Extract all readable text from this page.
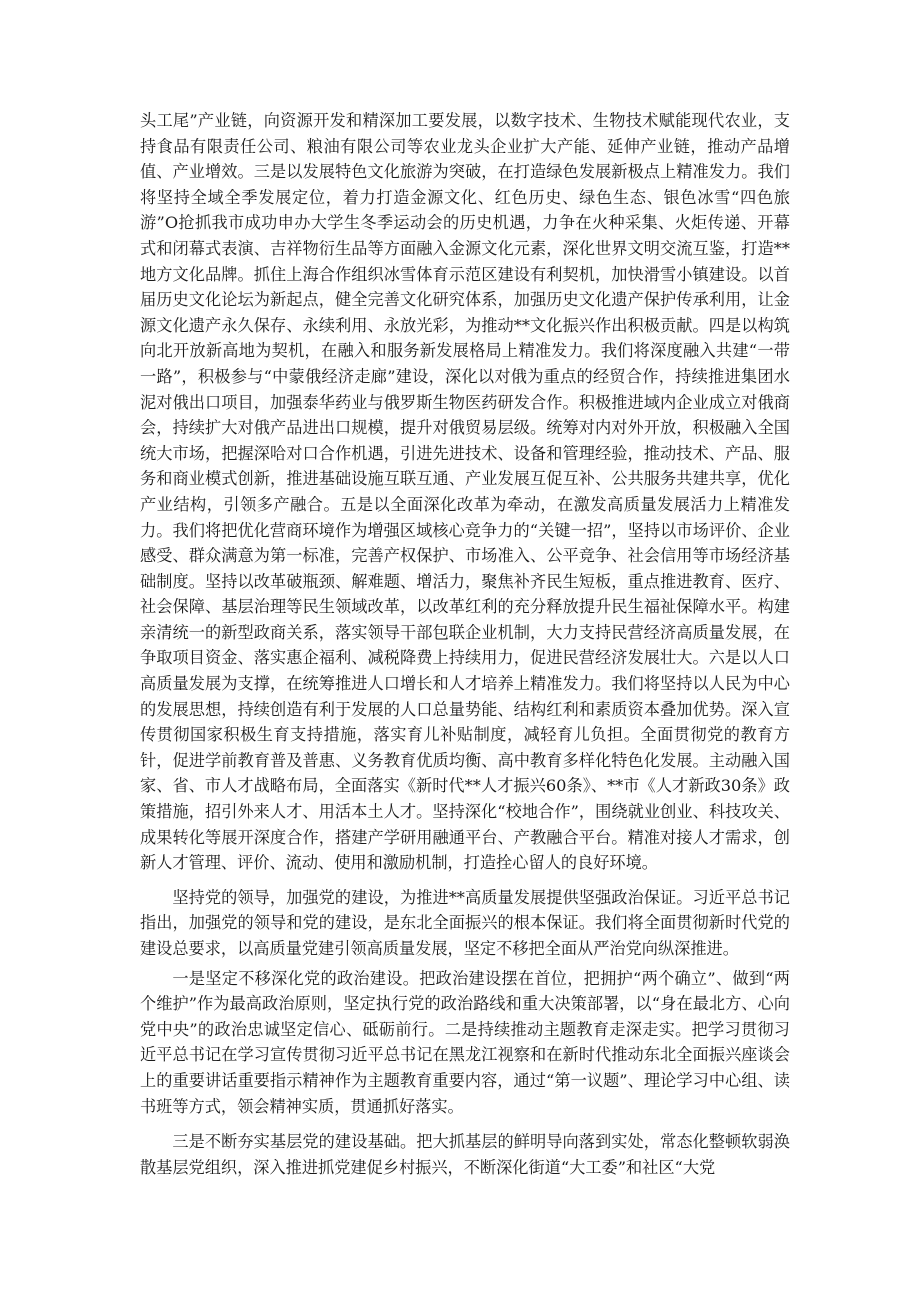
头工尾”产业链，向资源开发和精深加工要发展，以数字技术、生物技术赋能现代农业，支持食品有限责任公司、粮油有限公司等农业龙头企业扩大产能、延伸产业链，推动产品增值、产业增效。三是以发展特色文化旅游为突破，在打造绿色发展新极点上精准发力。我们将坚持全域全季发展定位，着力打造金源文化、红色历史、绿色生态、银色冰雪“四色旅游”O抢抓我市成功申办大学生冬季运动会的历史机遇，力争在火种采集、火炬传递、开幕式和闭幕式表演、吉祥物衍生品等方面融入金源文化元素，深化世界文明交流互鉴，打造**地方文化品牌。抓住上海合作组织冰雪体育示范区建设有利契机，加快滑雪小镇建设。以首届历史文化论坛为新起点，健全完善文化研究体系，加强历史文化遗产保护传承利用，让金源文化遗产永久保存、永续利用、永放光彩，为推动**文化振兴作出积极贡献。四是以构筑向北开放新高地为契机，在融入和服务新发展格局上精准发力。我们将深度融入共建“一带一路”，积极参与“中蒙俄经济走廊”建设，深化以对俄为重点的经贸合作，持续推进集团水泥对俄出口项目，加强泰华药业与俄罗斯生物医药研发合作。积极推进域内企业成立对俄商会，持续扩大对俄产品进出口规模，提升对俄贸易层级。统筹对内对外开放，积极融入全国统大市场，把握深哈对口合作机遇，引进先进技术、设备和管理经验，推动技术、产品、服务和商业模式创新，推进基础设施互联互通、产业发展互促互补、公共服务共建共享，优化产业结构，引领多产融合。五是以全面深化改革为牵动，在激发高质量发展活力上精准发力。我们将把优化营商环境作为增强区域核心竞争力的“关键一招”，坚持以市场评价、企业感受、群众满意为第一标准，完善产权保护、市场准入、公平竞争、社会信用等市场经济基础制度。坚持以改革破瓶颈、解难题、增活力，聚焦补齐民生短板，重点推进教育、医疗、社会保障、基层治理等民生领域改革，以改革红利的充分释放提升民生福祉保障水平。构建亲清统一的新型政商关系，落实领导干部包联企业机制，大力支持民营经济高质量发展，在争取项目资金、落实惠企福利、减税降费上持续用力，促进民营经济发展壮大。六是以人口高质量发展为支撑，在统筹推进人口增长和人才培养上精准发力。我们将坚持以人民为中心的发展思想，持续创造有利于发展的人口总量势能、结构红利和素质资本叠加优势。深入宣传贯彻国家积极生育支持措施，落实育儿补贴制度，减轻育儿负担。全面贯彻党的教育方针，促进学前教育普及普惠、义务教育优质均衡、高中教育多样化特色化发展。主动融入国家、省、市人才战略布局，全面落实《新时代**人才振兴60条》、**市《人才新政30条》政策措施，招引外来人才、用活本土人才。坚持深化“校地合作”，围绕就业创业、科技攻关、成果转化等展开深度合作，搭建产学研用融通平台、产教融合平台。精准对接人才需求，创新人才管理、评价、流动、使用和激励机制，打造拴心留人的良好环境。

坚持党的领导，加强党的建设，为推进**高质量发展提供坚强政治保证。习近平总书记指出，加强党的领导和党的建设，是东北全面振兴的根本保证。我们将全面贯彻新时代党的建设总要求，以高质量党建引领高质量发展，坚定不移把全面从严治党向纵深推进。

一是坚定不移深化党的政治建设。把政治建设摆在首位，把拥护“两个确立”、做到“两个维护”作为最高政治原则，坚定执行党的政治路线和重大决策部署，以“身在最北方、心向党中央”的政治忠诚坚定信心、砥砺前行。二是持续推动主题教育走深走实。把学习贯彻习近平总书记在学习宣传贯彻习近平总书记在黑龙江视察和在新时代推动东北全面振兴座谈会上的重要讲话重要指示精神作为主题教育重要内容，通过“第一议题”、理论学习中心组、读书班等方式，领会精神实质，贯通抓好落实。

三是不断夯实基层党的建设基础。把大抓基层的鲜明导向落到实处，常态化整顿软弱涣散基层党组织，深入推进抓党建促乡村振兴，不断深化街道“大工委”和社区“大党
